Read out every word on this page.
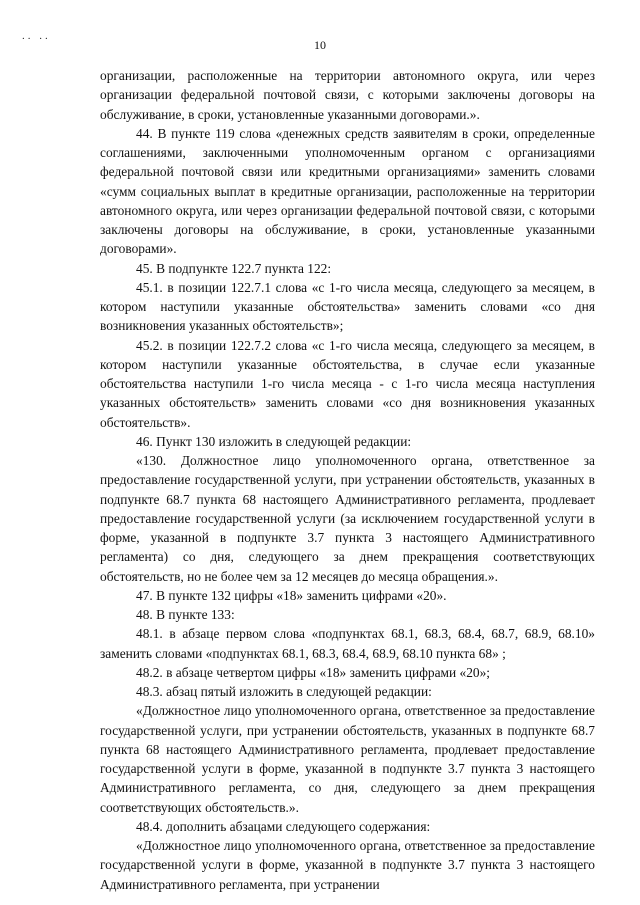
.. ..
10

организации, расположенные на территории автономного округа, или через организации федеральной почтовой связи, с которыми заключены договоры на обслуживание, в сроки, установленные указанными договорами.».

44. В пункте 119 слова «денежных средств заявителям в сроки, определенные соглашениями, заключенными уполномоченным органом с организациями федеральной почтовой связи или кредитными организациями» заменить словами «сумм социальных выплат в кредитные организации, расположенные на территории автономного округа, или через организации федеральной почтовой связи, с которыми заключены договоры на обслуживание, в сроки, установленные указанными договорами».

45. В подпункте 122.7 пункта 122:

45.1. в позиции 122.7.1 слова «с 1-го числа месяца, следующего за месяцем, в котором наступили указанные обстоятельства» заменить словами «со дня возникновения указанных обстоятельств»;

45.2. в позиции 122.7.2 слова «с 1-го числа месяца, следующего за месяцем, в котором наступили указанные обстоятельства, в случае если указанные обстоятельства наступили 1-го числа месяца - с 1-го числа месяца наступления указанных обстоятельств» заменить словами «со дня возникновения указанных обстоятельств».

46. Пункт 130 изложить в следующей редакции:

«130. Должностное лицо уполномоченного органа, ответственное за предоставление государственной услуги, при устранении обстоятельств, указанных в подпункте 68.7 пункта 68 настоящего Административного регламента, продлевает предоставление государственной услуги (за исключением государственной услуги в форме, указанной в подпункте 3.7 пункта 3 настоящего Административного регламента) со дня, следующего за днем прекращения соответствующих обстоятельств, но не более чем за 12 месяцев до месяца обращения.».

47. В пункте 132 цифры «18» заменить цифрами «20».

48. В пункте 133:

48.1. в абзаце первом слова «подпунктах 68.1, 68.3, 68.4, 68.7, 68.9, 68.10» заменить словами «подпунктах 68.1, 68.3, 68.4, 68.9, 68.10 пункта 68» ;

48.2. в абзаце четвертом цифры «18» заменить цифрами «20»;

48.3. абзац пятый изложить в следующей редакции:

«Должностное лицо уполномоченного органа, ответственное за предоставление государственной услуги, при устранении обстоятельств, указанных в подпункте 68.7 пункта 68 настоящего Административного регламента, продлевает предоставление государственной услуги в форме, указанной в подпункте 3.7 пункта 3 настоящего Административного регламента, со дня, следующего за днем прекращения соответствующих обстоятельств.».

48.4. дополнить абзацами следующего содержания:

«Должностное лицо уполномоченного органа, ответственное за предоставление государственной услуги в форме, указанной в подпункте 3.7 пункта 3 настоящего Административного регламента, при устранении
